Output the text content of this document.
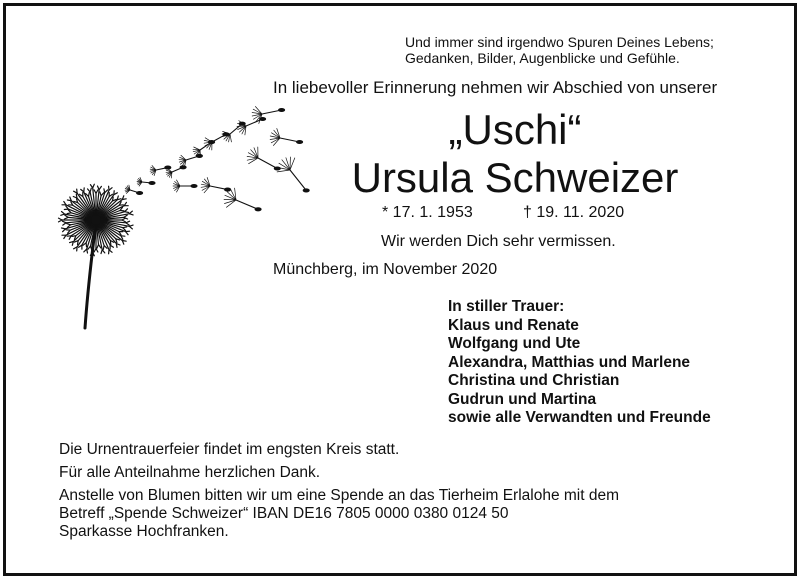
Und immer sind irgendwo Spuren Deines Lebens;
Gedanken, Bilder, Augenblicke und Gefühle.
In liebevoller Erinnerung nehmen wir Abschied von unserer
„Uschi“
Ursula Schweizer
* 17. 1. 1953	† 19. 11. 2020
Wir werden Dich sehr vermissen.
Münchberg, im November 2020
In stiller Trauer:
Klaus und Renate
Wolfgang und Ute
Alexandra, Matthias und Marlene
Christina und Christian
Gudrun und Martina
sowie alle Verwandten und Freunde
Die Urnentrauerfeier findet im engsten Kreis statt.
Für alle Anteilnahme herzlichen Dank.
Anstelle von Blumen bitten wir um eine Spende an das Tierheim Erlalohe mit dem
Betreff „Spende Schweizer“ IBAN DE16 7805 0000 0380 0124 50
Sparkasse Hochfranken.
